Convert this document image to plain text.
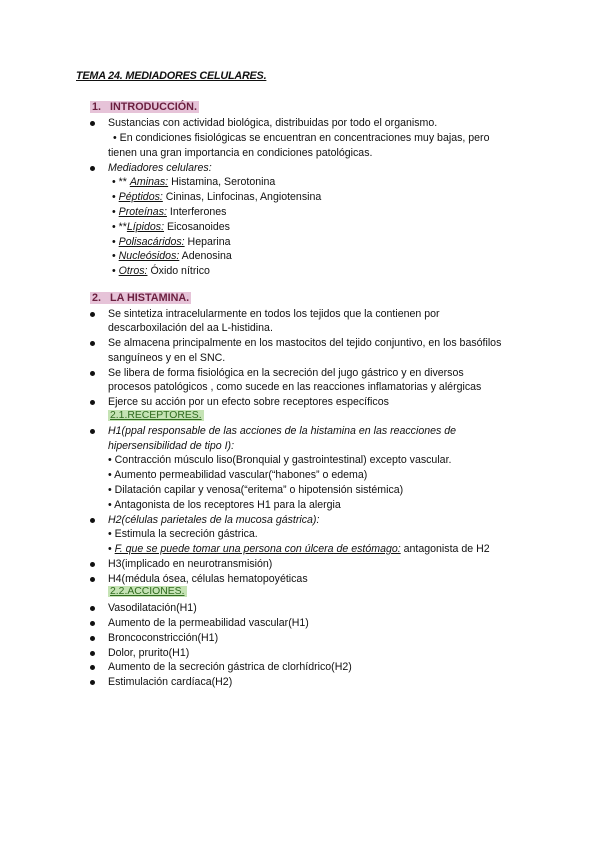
TEMA 24. MEDIADORES CELULARES.
1. INTRODUCCIÓN.
Sustancias con actividad biológica, distribuidas por todo el organismo.
• En condiciones fisiológicas se encuentran en concentraciones muy bajas, pero
tienen una gran importancia en condiciones patológicas.
Mediadores celulares:
• ** Aminas: Histamina, Serotonina
• Péptidos: Cininas, Linfocinas, Angiotensina
• Proteínas: Interferones
• **Lípidos: Eicosanoides
• Polisacáridos: Heparina
• Nucleósidos: Adenosina
• Otros: Óxido nítrico
2. LA HISTAMINA.
Se sintetiza intracelularmente en todos los tejidos que la contienen por
descarboxilación del aa L-histidina.
Se almacena principalmente en los mastocitos del tejido conjuntivo, en los basófilos
sanguíneos y en el SNC.
Se libera de forma fisiológica en la secreción del jugo gástrico y en diversos
procesos patológicos , como sucede en las reacciones inflamatorias y alérgicas
Ejerce su acción por un efecto sobre receptores específicos
2.1.RECEPTORES.
H1(ppal responsable de las acciones de la histamina en las reacciones de
hipersensibilidad de tipo I):
• Contracción músculo liso(Bronquial y gastrointestinal) excepto vascular.
• Aumento permeabilidad vascular(“habones” o edema)
• Dilatación capilar y venosa(“eritema” o hipotensión sistémica)
• Antagonista de los receptores H1 para la alergia
H2(células parietales de la mucosa gástrica):
• Estimula la secreción gástrica.
• F. que se puede tomar una persona con úlcera de estómago: antagonista de H2
H3(implicado en neurotransmisión)
H4(médula ósea, células hematopoyéticas
2.2.ACCIONES.
Vasodilatación(H1)
Aumento de la permeabilidad vascular(H1)
Broncoconstricción(H1)
Dolor, prurito(H1)
Aumento de la secreción gástrica de clorhídrico(H2)
Estimulación cardíaca(H2)
